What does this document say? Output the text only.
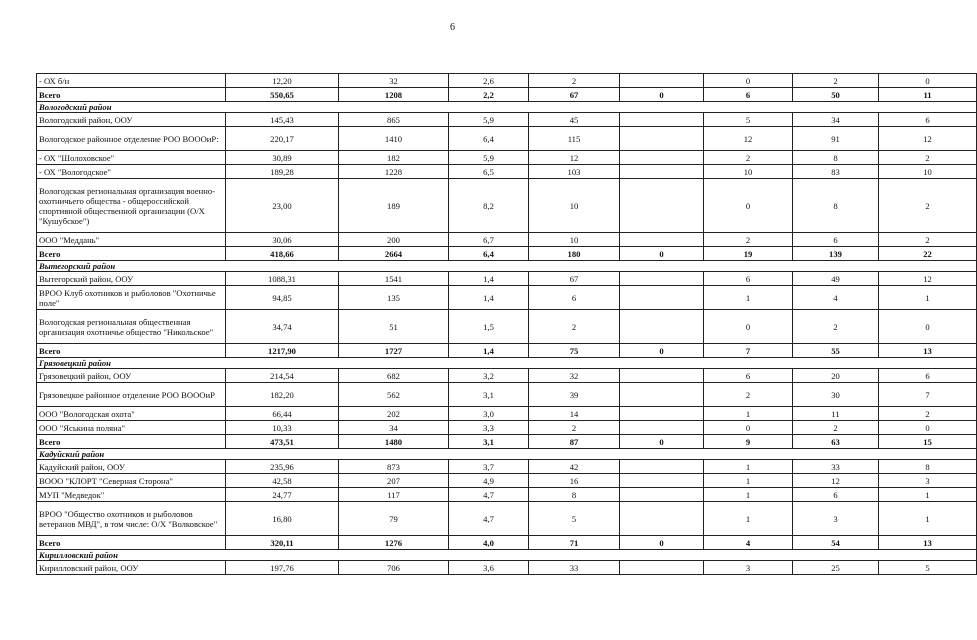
6
- ОХ б/н	12,20	32	2,6	2		0	2	0
Всего	550,65	1208	2,2	67	0	6	50	11
Вологодский район								
Вологодский район, ООУ	145,43	865	5,9	45		5	34	6
Вологодское районное отделение РОО ВОООиР:	220,17	1410	6,4	115		12	91	12
- ОХ "Шолоховское"	30,89	182	5,9	12		2	8	2
- ОХ "Вологодское"	189,28	1228	6,5	103		10	83	10
Вологодская региональная организация военно-охотничьего общества - общероссийской спортивной общественной организации (О/Х "Кушубское")	23,00	189	8,2	10		0	8	2
ООО "Меддань"	30,06	200	6,7	10		2	6	2
Всего	418,66	2664	6,4	180	0	19	139	22
Вытегорский район								
Вытегорский район, ООУ	1088,31	1541	1,4	67		6	49	12
ВРОО Клуб охотников и рыболовов "Охотничье поле"	94,85	135	1,4	6		1	4	1
Вологодская региональная общественная организация охотничье общество "Никольское"	34,74	51	1,5	2		0	2	0
Всего	1217,90	1727	1,4	75	0	7	55	13
Грязовецкий район								
Грязовецкий район, ООУ	214,54	682	3,2	32		6	20	6
Грязовецкое районное отделение РОО ВОООиР	182,20	562	3,1	39		2	30	7
ООО "Вологодская охота"	66,44	202	3,0	14		1	11	2
ООО "Яськина поляна"	10,33	34	3,3	2		0	2	0
Всего	473,51	1480	3,1	87	0	9	63	15
Кадуйский район								
Кадуйский район, ООУ	235,96	873	3,7	42		1	33	8
ВООО "КЛОРТ "Северная Сторона"	42,58	207	4,9	16		1	12	3
МУП "Медведок"	24,77	117	4,7	8		1	6	1
ВРОО "Общество охотников и рыболовов ветеранов МВД", в том числе: О/Х "Волковское"	16,80	79	4,7	5		1	3	1
Всего	320,11	1276	4,0	71	0	4	54	13
Кирилловский район								
Кирилловский район, ООУ	197,76	706	3,6	33		3	25	5
